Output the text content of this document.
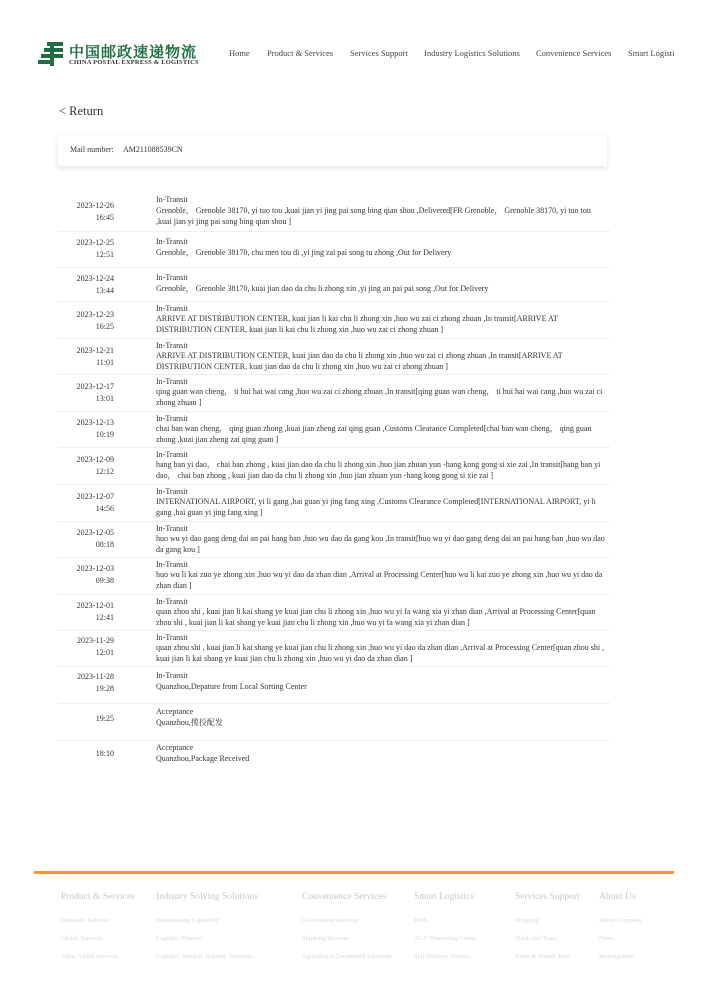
中国邮政速递物流
CHINA POSTAL EXPRESS & LOGISTICS
Home Product & Services Services Support Industry Logistics Solutions Convenience Services Smart Logisti
< Return
Mail number: AM211088539CN
2023-12-26
16:45
In-Transit
Grenoble， Grenoble 38170, yi tuo tou ,kuai jian yi jing pai song bing qian shou ,Delivered[FR Grenoble， Grenoble 38170, yi tuo tou ,kuai jian yi jing pai song bing qian shou ]
2023-12-25
12:51
In-Transit
Grenoble， Grenoble 38170, chu men tou di ,yi jing zai pai song tu zhong ,Out for Delivery
2023-12-24
13:44
In-Transit
Grenoble， Grenoble 38170, kuai jian dao da chu li zhong xin ,yi jing an pai pai song ,Out for Delivery
2023-12-23
16:25
In-Transit
ARRIVE AT DISTRIBUTION CENTER, kuai jian li kai chu li zhong xin ,huo wu zai ci zhong zhuan ,In transit[ARRIVE AT DISTRIBUTION CENTER, kuai jian li kai chu li zhong xin ,huo wu zai ci zhong zhuan ]
2023-12-21
11:01
In-Transit
ARRIVE AT DISTRIBUTION CENTER, kuai jian dao da chu li zhong xin ,huo wu zai ci zhong zhuan ,In transit[ARRIVE AT DISTRIBUTION CENTER, kuai jian dao da chu li zhong xin ,huo wu zai ci zhong zhuan ]
2023-12-17
13:01
In-Transit
qing guan wan cheng， ti hui hai wai cang ,huo wu zai ci zhong zhuan ,In transit[qing guan wan cheng， ti hui hai wai cang ,huo wu zai ci zhong zhuan ]
2023-12-13
10:19
In-Transit
chai ban wan cheng， qing guan zhong ,kuai jian zheng zai qing guan ,Customs Clearance Completed[chai ban wan cheng， qing guan zhong ,kuai jian zheng zai qing guan ]
2023-12-09
12:12
In-Transit
hang ban yi dao， chai ban zhong , kuai jian dao da chu li zhong xin ,huo jian zhuan yun -hang kong gong si xie zai ,In transit[hang ban yi dao， chai ban zhong , kuai jian dao da chu li zhong xin ,huo jian zhuan yun -hang kong gong si xie zai ]
2023-12-07
14:56
In-Transit
INTERNATIONAL AIRPORT, yi li gang ,hai guan yi jing fang xing ,Customs Clearance Completed[INTERNATIONAL AIRPORT, yi li gang ,hai guan yi jing fang xing ]
2023-12-05
08:18
In-Transit
huo wu yi dao gang deng dai an pai hang ban ,huo wu dao da gang kou ,In transit[huo wu yi dao gang deng dai an pai hang ban ,huo wu dao da gang kou ]
2023-12-03
09:38
In-Transit
huo wu li kai zuo ye zhong xin ,huo wu yi dao da zhan dian ,Arrival at Processing Center[huo wu li kai zuo ye zhong xin ,huo wu yi dao da zhan dian ]
2023-12-01
12:41
In-Transit
quan zhou shi , kuai jian li kai shang ye kuai jian chu li zhong xin ,huo wu yi fa wang xia yi zhan dian ,Arrival at Processing Center[quan zhou shi , kuai jian li kai shang ye kuai jian chu li zhong xin ,huo wu yi fa wang xia yi zhan dian ]
2023-11-29
12:01
In-Transit
quan zhou shi , kuai jian li kai shang ye kuai jian chu li zhong xin ,huo wu yi dao da zhan dian ,Arrival at Processing Center[quan zhou shi , kuai jian li kai shang ye kuai jian chu li zhong xin ,huo wu yi dao da zhan dian ]
2023-11-28
19:28
In-Transit
Quanzhou,Depature from Local Sorting Center
19:25
Acceptance
Quanzhou,揽投配发
18:10
Acceptance
Quanzhou,Package Received
Product & Services
Domestic Services
Global Services
Value Added Services
Industry Solving Solutions
Warehousing Capability
Logistics Finance
Logistics Services Industry Solutions
Convenience Services
Government Services
Shipping Services
Agricultural Cooperated Solutions
Smart Logistics
EMS
AGV Processing Center
Self Delivery Station
Services Support
Shipping
Track and Trace
Rates & Transit Time
About Us
About Company
News
Investigation
